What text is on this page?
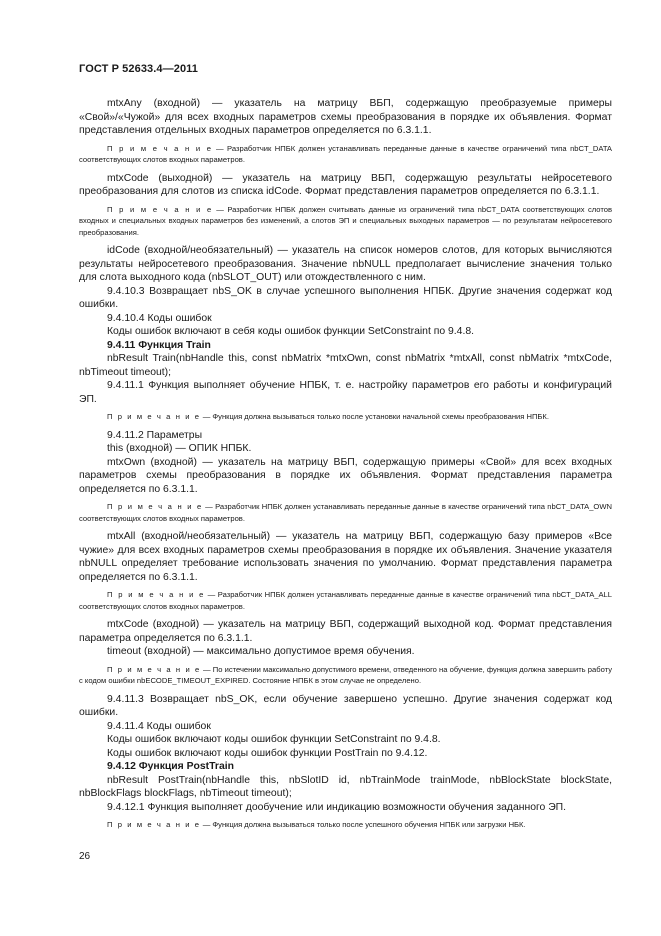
ГОСТ Р 52633.4—2011

mtxAny (входной) — указатель на матрицу ВБП, содержащую преобразуемые примеры «Свой»/«Чужой» для всех входных параметров схемы преобразования в порядке их объявления. Формат представления отдельных входных параметров определяется по 6.3.1.1.

П р и м е ч а н и е — Разработчик НПБК должен устанавливать переданные данные в качестве ограничений типа nbCT_DATA соответствующих слотов входных параметров.

mtxCode (выходной) — указатель на матрицу ВБП, содержащую результаты нейросетевого преобразования для слотов из списка idCode. Формат представления параметров определяется по 6.3.1.1.

П р и м е ч а н и е — Разработчик НПБК должен считывать данные из ограничений типа nbCT_DATA соответствующих слотов входных и специальных входных параметров без изменений, а слотов ЭП и специальных выходных параметров — по результатам нейросетевого преобразования.

idCode (входной/необязательный) — указатель на список номеров слотов, для которых вычисляются результаты нейросетевого преобразования. Значение nbNULL предполагает вычисление значения только для слота выходного кода (nbSLOT_OUT) или отождествленного с ним.

9.4.10.3 Возвращает nbS_OK в случае успешного выполнения НПБК. Другие значения содержат код ошибки.

9.4.10.4 Коды ошибок

Коды ошибок включают в себя коды ошибок функции SetConstraint по 9.4.8.

9.4.11 Функция Train

nbResult Train(nbHandle this, const nbMatrix *mtxOwn, const nbMatrix *mtxAll, const nbMatrix *mtxCode, nbTimeout timeout);

9.4.11.1 Функция выполняет обучение НПБК, т. е. настройку параметров его работы и конфигураций ЭП.

П р и м е ч а н и е — Функция должна вызываться только после установки начальной схемы преобразования НПБК.

9.4.11.2 Параметры

this (входной) — ОПИК НПБК.

mtxOwn (входной) — указатель на матрицу ВБП, содержащую примеры «Свой» для всех входных параметров схемы преобразования в порядке их объявления. Формат представления параметра определяется по 6.3.1.1.

П р и м е ч а н и е — Разработчик НПБК должен устанавливать переданные данные в качестве ограничений типа nbCT_DATA_OWN соответствующих слотов входных параметров.

mtxAll (входной/необязательный) — указатель на матрицу ВБП, содержащую базу примеров «Все чужие» для всех входных параметров схемы преобразования в порядке их объявления. Значение указателя nbNULL определяет требование использовать значения по умолчанию. Формат представления параметра определяется по 6.3.1.1.

П р и м е ч а н и е — Разработчик НПБК должен устанавливать переданные данные в качестве ограничений типа nbCT_DATA_ALL соответствующих слотов входных параметров.

mtxCode (входной) — указатель на матрицу ВБП, содержащий выходной код. Формат представления параметра определяется по 6.3.1.1.

timeout (входной) — максимально допустимое время обучения.

П р и м е ч а н и е — По истечении максимально допустимого времени, отведенного на обучение, функция должна завершить работу с кодом ошибки nbECODE_TIMEOUT_EXPIRED. Состояние НПБК в этом случае не определено.

9.4.11.3 Возвращает nbS_OK, если обучение завершено успешно. Другие значения содержат код ошибки.

9.4.11.4 Коды ошибок

Коды ошибок включают коды ошибок функции SetConstraint по 9.4.8.

Коды ошибок включают коды ошибок функции PostTrain по 9.4.12.

9.4.12 Функция PostTrain

nbResult PostTrain(nbHandle this, nbSlotID id, nbTrainMode trainMode, nbBlockState blockState, nbBlockFlags blockFlags, nbTimeout timeout);

9.4.12.1 Функция выполняет дообучение или индикацию возможности обучения заданного ЭП.

П р и м е ч а н и е — Функция должна вызываться только после успешного обучения НПБК или загрузки НБК.

26
